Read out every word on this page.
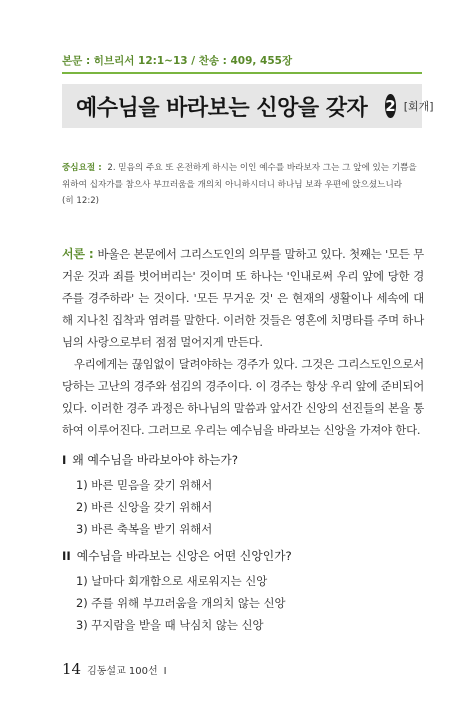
본문 : 히브리서 12:1~13 / 찬송 : 409, 455장
예수님을 바라보는 신앙을 갖자 2 [회개]
중심요절 : 2. 믿음의 주요 또 온전하게 하시는 이인 예수를 바라보자 그는 그 앞에 있는 기쁨을 위하여 십자가를 참으사 부끄러움을 개의치 아니하시더니 하나님 보좌 우편에 앉으셨느니라
(히 12:2)

서론 : 바울은 본문에서 그리스도인의 의무를 말하고 있다. 첫째는 '모든 무거운 것과 죄를 벗어버리는' 것이며 또 하나는 '인내로써 우리 앞에 당한 경주를 경주하라' 는 것이다. '모든 무거운 것' 은 현재의 생활이나 세속에 대해 지나친 집착과 염려를 말한다. 이러한 것들은 영혼에 치명타를 주며 하나님의 사랑으로부터 점점 멀어지게 만든다.

우리에게는 끊임없이 달려야하는 경주가 있다. 그것은 그리스도인으로서 당하는 고난의 경주와 섬김의 경주이다. 이 경주는 항상 우리 앞에 준비되어 있다. 이러한 경주 과정은 하나님의 말씀과 앞서간 신앙의 선진들의 본을 통하여 이루어진다. 그러므로 우리는 예수님을 바라보는 신앙을 가져야 한다.

I 왜 예수님을 바라보아야 하는가?
1) 바른 믿음을 갖기 위해서
2) 바른 신앙을 갖기 위해서
3) 바른 축복을 받기 위해서
II 예수님을 바라보는 신앙은 어떤 신앙인가?
1) 날마다 회개함으로 새로워지는 신앙
2) 주를 위해 부끄러움을 개의치 않는 신앙
3) 꾸지람을 받을 때 낙심치 않는 신앙
14 김동설교 100선 I
